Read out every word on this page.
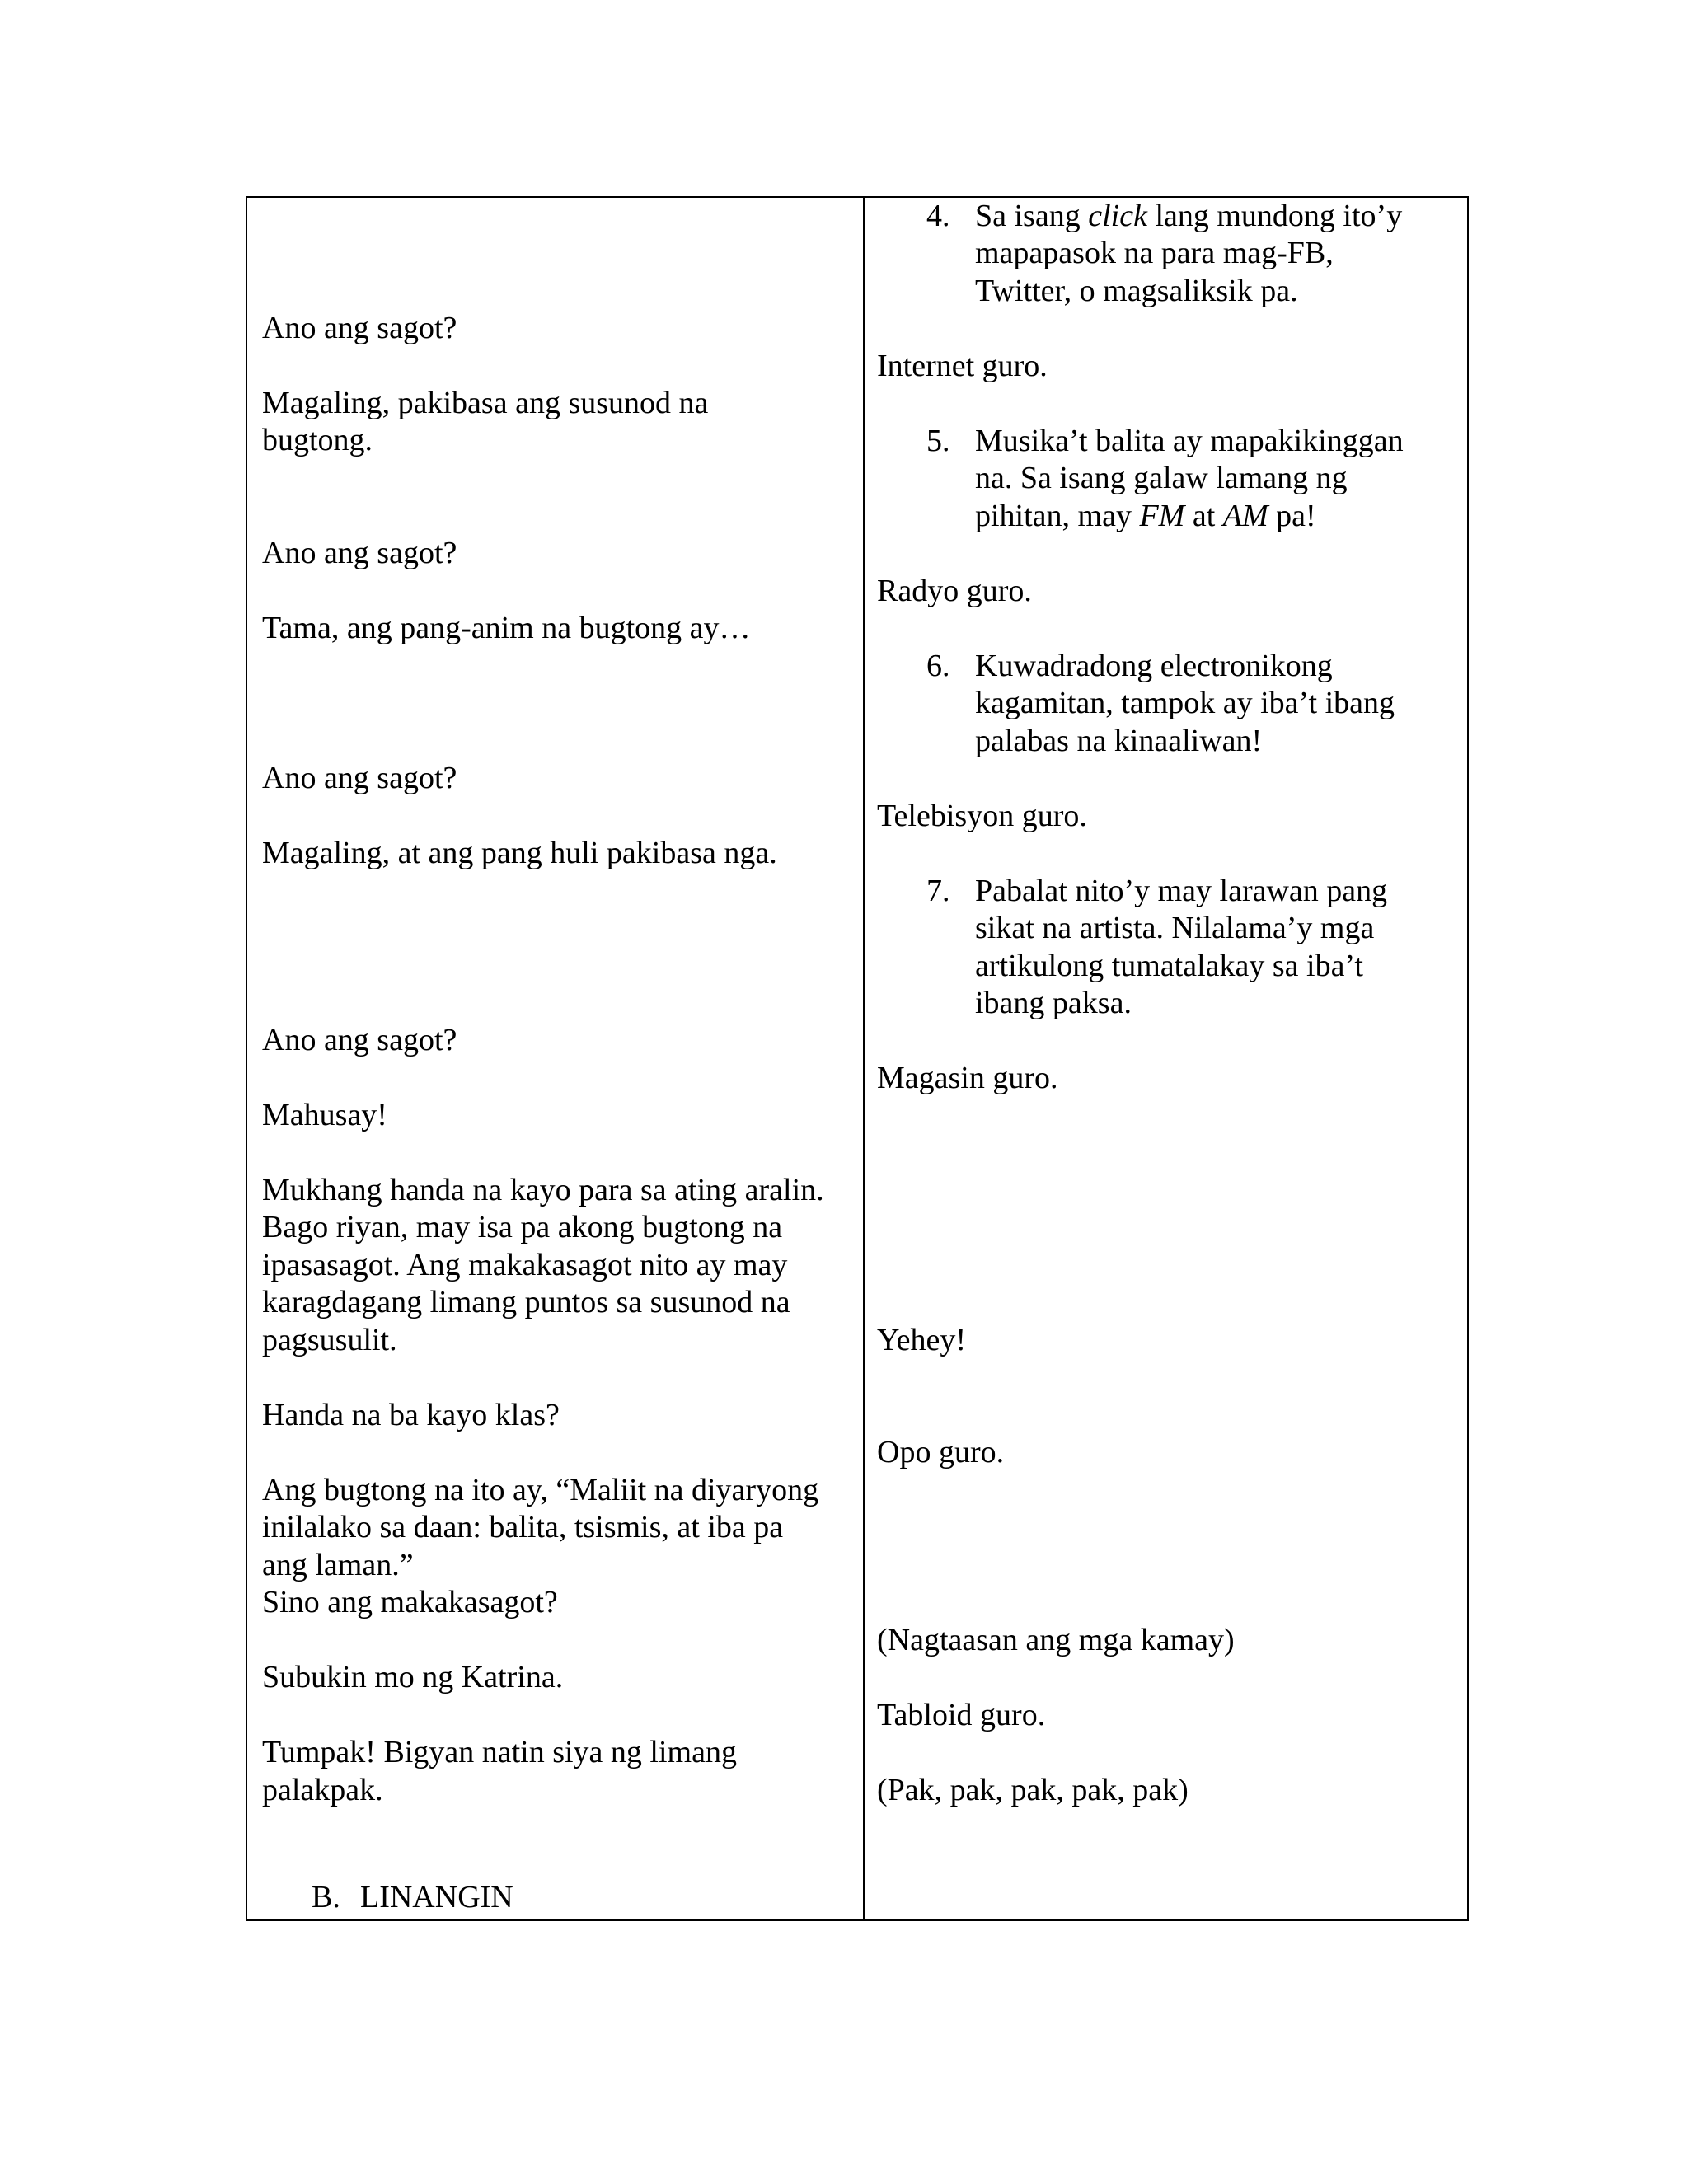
Ano ang sagot?
Magaling, pakibasa ang susunod na
bugtong.
Ano ang sagot?
Tama, ang pang-anim na bugtong ay…
Ano ang sagot?
Magaling, at ang pang huli pakibasa nga.
Ano ang sagot?
Mahusay!
Mukhang handa na kayo para sa ating aralin.
Bago riyan, may isa pa akong bugtong na
ipasasagot. Ang makakasagot nito ay may
karagdagang limang puntos sa susunod na
pagsusulit.
Handa na ba kayo klas?
Ang bugtong na ito ay, “Maliit na diyaryong
inilalako sa daan: balita, tsismis, at iba pa
ang laman.”
Sino ang makakasagot?
Subukin mo ng Katrina.
Tumpak! Bigyan natin siya ng limang
palakpak.
B. LINANGIN
4. Sa isang click lang mundong ito’y
mapapasok na para mag-FB,
Twitter, o magsaliksik pa.
Internet guro.
5. Musika’t balita ay mapakikinggan
na. Sa isang galaw lamang ng
pihitan, may FM at AM pa!
Radyo guro.
6. Kuwadradong electronikong
kagamitan, tampok ay iba’t ibang
palabas na kinaaliwan!
Telebisyon guro.
7. Pabalat nito’y may larawan pang
sikat na artista. Nilalama’y mga
artikulong tumatalakay sa iba’t
ibang paksa.
Magasin guro.
Yehey!
Opo guro.
(Nagtaasan ang mga kamay)
Tabloid guro.
(Pak, pak, pak, pak, pak)
